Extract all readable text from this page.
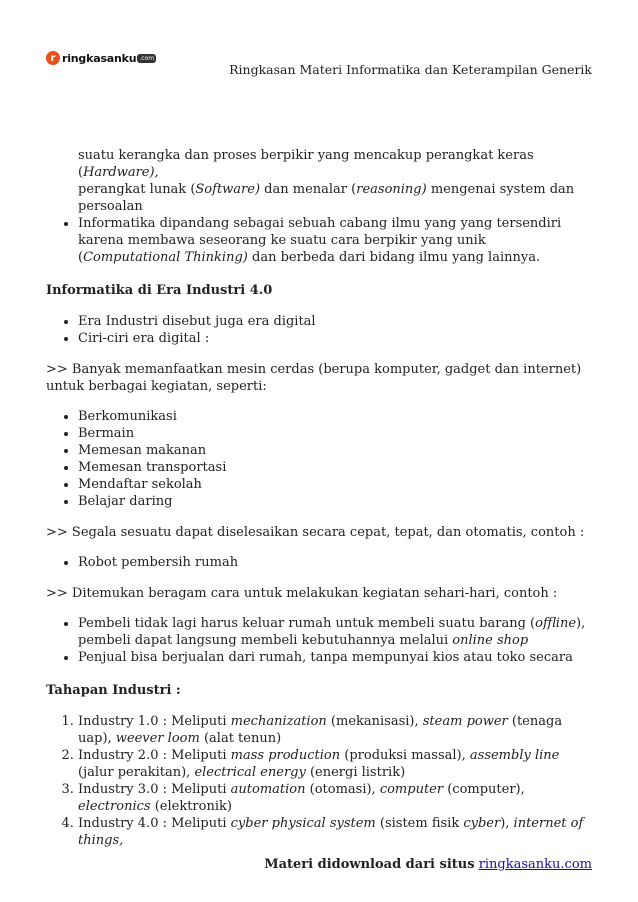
r ringkasanku .com
Ringkasan Materi Informatika dan Keterampilan Generik
suatu kerangka dan proses berpikir yang mencakup perangkat keras (Hardware),
perangkat lunak (Software) dan menalar (reasoning) mengenai system dan persoalan
• Informatika dipandang sebagai sebuah cabang ilmu yang yang tersendiri karena membawa seseorang ke suatu cara berpikir yang unik (Computational Thinking) dan berbeda dari bidang ilmu yang lainnya.
Informatika di Era Industri 4.0
• Era Industri disebut juga era digital
• Ciri-ciri era digital :
>> Banyak memanfaatkan mesin cerdas (berupa komputer, gadget dan internet) untuk berbagai kegiatan, seperti:
• Berkomunikasi
• Bermain
• Memesan makanan
• Memesan transportasi
• Mendaftar sekolah
• Belajar daring
>> Segala sesuatu dapat diselesaikan secara cepat, tepat, dan otomatis, contoh :
• Robot pembersih rumah
>> Ditemukan beragam cara untuk melakukan kegiatan sehari-hari, contoh :
• Pembeli tidak lagi harus keluar rumah untuk membeli suatu barang (offline), pembeli dapat langsung membeli kebutuhannya melalui online shop
• Penjual bisa berjualan dari rumah, tanpa mempunyai kios atau toko secara
Tahapan Industri :
1. Industry 1.0 : Meliputi mechanization (mekanisasi), steam power (tenaga uap), weever loom (alat tenun)
2. Industry 2.0 : Meliputi mass production (produksi massal), assembly line (jalur perakitan), electrical energy (energi listrik)
3. Industry 3.0 : Meliputi automation (otomasi), computer (computer), electronics (elektronik)
4. Industry 4.0 : Meliputi cyber physical system (sistem fisik cyber), internet of things,
Materi didownload dari situs ringkasanku.com
